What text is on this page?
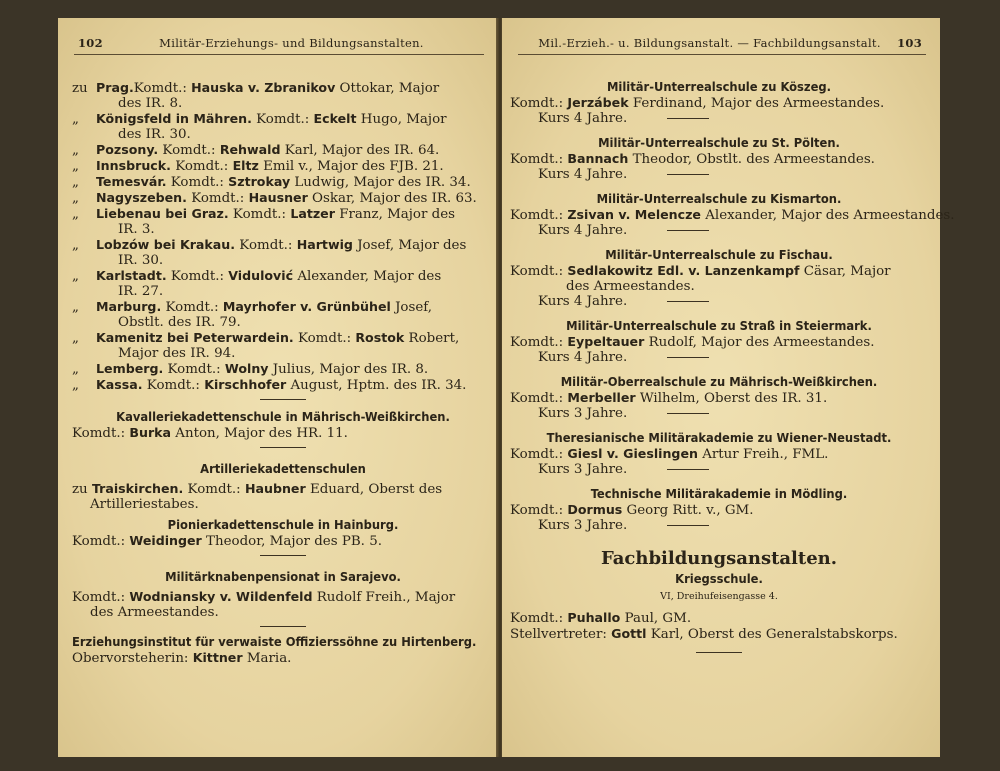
102	Militär-Erziehungs- und Bildungsanstalten.
zu Prag.Komdt.: Hauska v. Zbranikov Ottokar, Major
des IR. 8.
„ Königsfeld in Mähren. Komdt.: Eckelt Hugo, Major
des IR. 30.
„ Pozsony. Komdt.: Rehwald Karl, Major des IR. 64.
„ Innsbruck. Komdt.: Eltz Emil v., Major des FJB. 21.
„ Temesvár. Komdt.: Sztrokay Ludwig, Major des IR. 34.
„ Nagyszeben. Komdt.: Hausner Oskar, Major des IR. 63.
„ Liebenau bei Graz. Komdt.: Latzer Franz, Major des
IR. 3.
„ Lobzów bei Krakau. Komdt.: Hartwig Josef, Major des
IR. 30.
„ Karlstadt. Komdt.: Vidulović Alexander, Major des
IR. 27.
„ Marburg. Komdt.: Mayrhofer v. Grünbühel Josef,
Obstlt. des IR. 79.
„ Kamenitz bei Peterwardein. Komdt.: Rostok Robert,
Major des IR. 94.
„ Lemberg. Komdt.: Wolny Julius, Major des IR. 8.
„ Kassa. Komdt.: Kirschhofer August, Hptm. des IR. 34.
Kavalleriekadettenschule in Mährisch-Weißkirchen.
Komdt.: Burka Anton, Major des HR. 11.
Artilleriekadettenschulen
zu Traiskirchen. Komdt.: Haubner Eduard, Oberst des
Artilleriestabes.
Pionierkadettenschule in Hainburg.
Komdt.: Weidinger Theodor, Major des PB. 5.
Militärknabenpensionat in Sarajevo.
Komdt.: Wodniansky v. Wildenfeld Rudolf Freih., Major
des Armeestandes.
Erziehungsinstitut für verwaiste Offizierssöhne zu Hirtenberg.
Obervorsteherin: Kittner Maria.
Mil.-Erzieh.- u. Bildungsanstalt. — Fachbildungsanstalt.	103
Militär-Unterrealschule zu Köszeg.
Komdt.: Jerzábek Ferdinand, Major des Armeestandes.
Kurs 4 Jahre.
Militär-Unterrealschule zu St. Pölten.
Komdt.: Bannach Theodor, Obstlt. des Armeestandes.
Kurs 4 Jahre.
Militär-Unterrealschule zu Kismarton.
Komdt.: Zsivan v. Melencze Alexander, Major des Armeestandes.
Kurs 4 Jahre.
Militär-Unterrealschule zu Fischau.
Komdt.: Sedlakowitz Edl. v. Lanzenkampf Cäsar, Major
des Armeestandes.
Kurs 4 Jahre.
Militär-Unterrealschule zu Straß in Steiermark.
Komdt.: Eypeltauer Rudolf, Major des Armeestandes.
Kurs 4 Jahre.
Militär-Oberrealschule zu Mährisch-Weißkirchen.
Komdt.: Merbeller Wilhelm, Oberst des IR. 31.
Kurs 3 Jahre.
Theresianische Militärakademie zu Wiener-Neustadt.
Komdt.: Giesl v. Gieslingen Artur Freih., FML.
Kurs 3 Jahre.
Technische Militärakademie in Mödling.
Komdt.: Dormus Georg Ritt. v., GM.
Kurs 3 Jahre.
Fachbildungsanstalten.
Kriegsschule.
VI, Dreihufeisengasse 4.
Komdt.: Puhallo Paul, GM.
Stellvertreter: Gottl Karl, Oberst des Generalstabskorps.
